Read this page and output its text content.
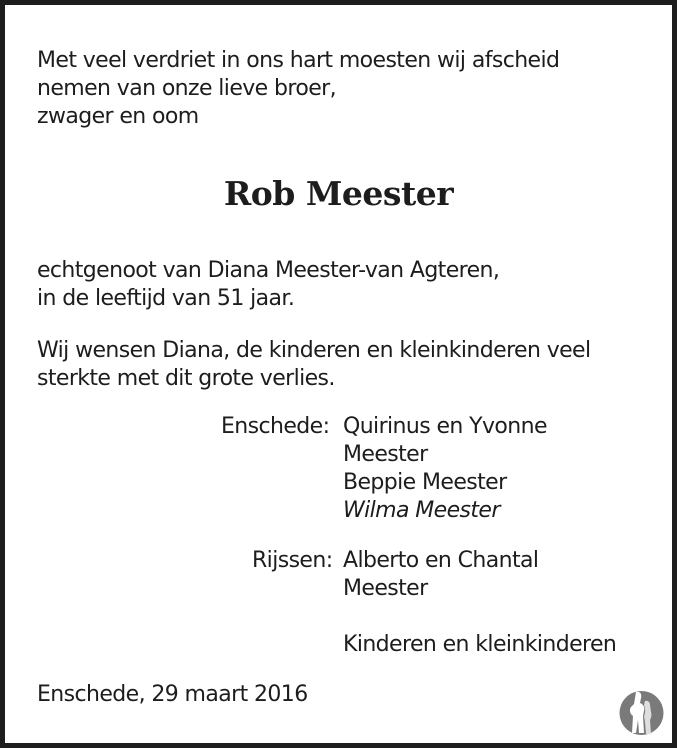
Met veel verdriet in ons hart moesten wij afscheid
nemen van onze lieve broer,
zwager en oom
Rob Meester
echtgenoot van Diana Meester-van Agteren,
in de leeftijd van 51 jaar.
Wij wensen Diana, de kinderen en kleinkinderen veel
sterkte met dit grote verlies.
Enschede: Quirinus en Yvonne
Meester
Beppie Meester
Wilma Meester
Rijssen: Alberto en Chantal
Meester
Kinderen en kleinkinderen
Enschede, 29 maart 2016
